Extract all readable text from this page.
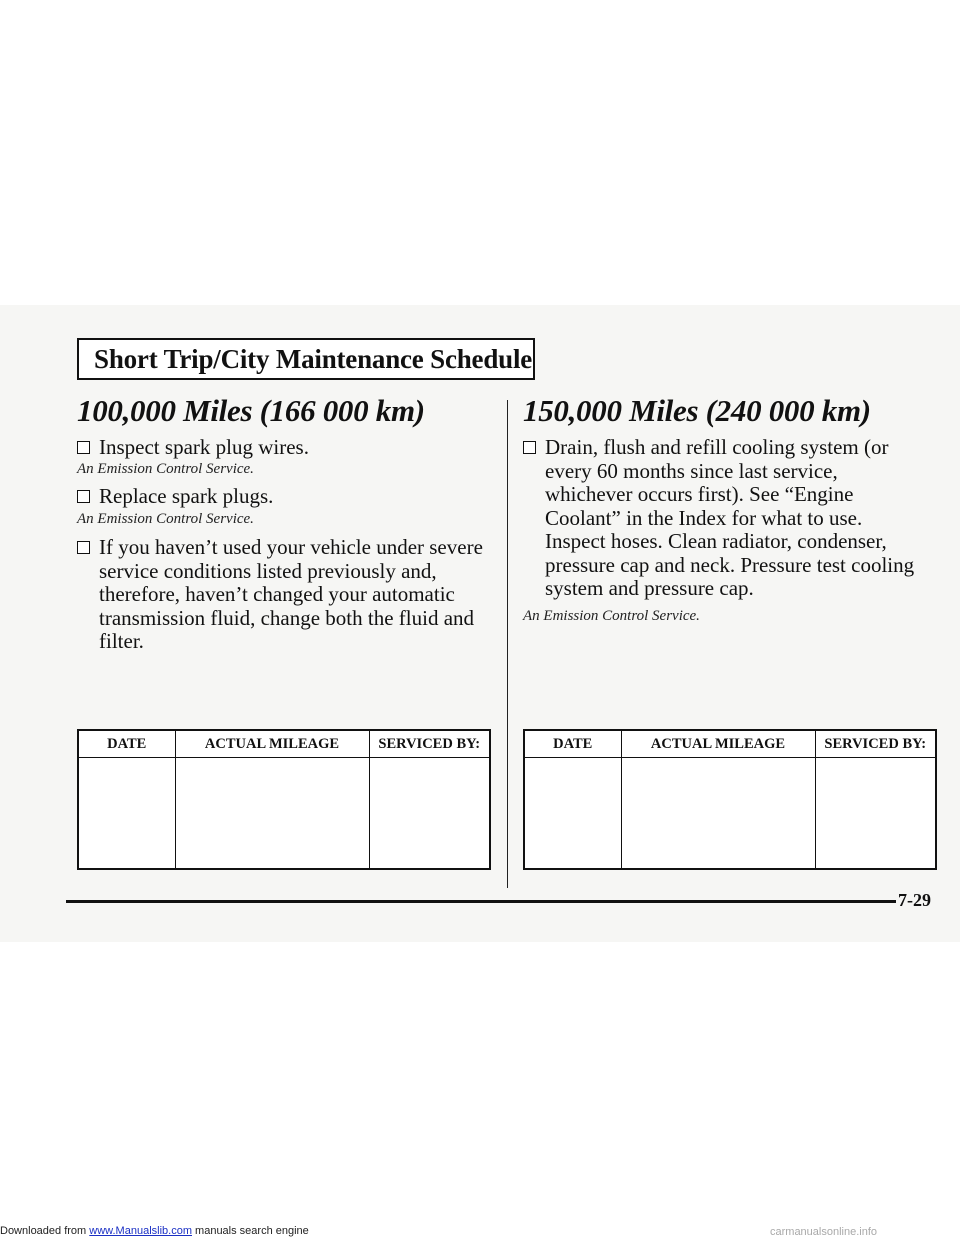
Short Trip/City Maintenance Schedule
100,000 Miles (166 000 km)
Inspect spark plug wires.
An Emission Control Service.
Replace spark plugs.
An Emission Control Service.
If you haven’t used your vehicle under severe service conditions listed previously and, therefore, haven’t changed your automatic transmission fluid, change both the fluid and filter.
DATE	ACTUAL MILEAGE	SERVICED BY:

150,000 Miles (240 000 km)
Drain, flush and refill cooling system (or every 60 months since last service, whichever occurs first). See “Engine Coolant” in the Index for what to use. Inspect hoses. Clean radiator, condenser, pressure cap and neck. Pressure test cooling system and pressure cap.
An Emission Control Service.
DATE	ACTUAL MILEAGE	SERVICED BY:

7-29
Downloaded from www.Manualslib.com manuals search engine	carmanualsonline.info
